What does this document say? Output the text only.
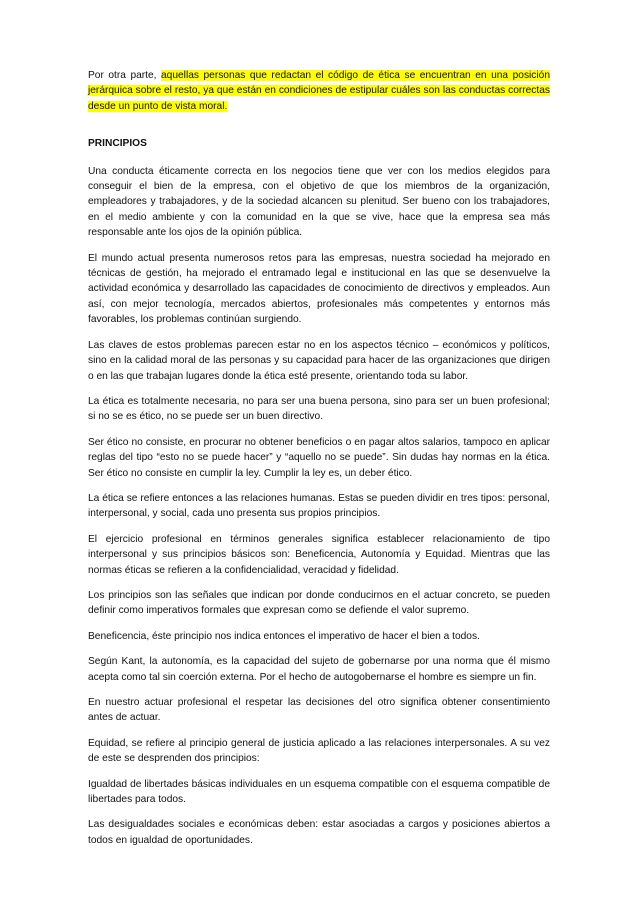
Por otra parte, aquellas personas que redactan el código de ética se encuentran en una posición jerárquica sobre el resto, ya que están en condiciones de estipular cuáles son las conductas correctas desde un punto de vista moral.

PRINCIPIOS

Una conducta éticamente correcta en los negocios tiene que ver con los medios elegidos para conseguir el bien de la empresa, con el objetivo de que los miembros de la organización, empleadores y trabajadores, y de la sociedad alcancen su plenitud. Ser bueno con los trabajadores, en el medio ambiente y con la comunidad en la que se vive, hace que la empresa sea más responsable ante los ojos de la opinión pública.

El mundo actual presenta numerosos retos para las empresas, nuestra sociedad ha mejorado en técnicas de gestión, ha mejorado el entramado legal e institucional en las que se desenvuelve la actividad económica y desarrollado las capacidades de conocimiento de directivos y empleados. Aun así, con mejor tecnología, mercados abiertos, profesionales más competentes y entornos más favorables, los problemas continúan surgiendo.

Las claves de estos problemas parecen estar no en los aspectos técnico – económicos y políticos, sino en la calidad moral de las personas y su capacidad para hacer de las organizaciones que dirigen o en las que trabajan lugares donde la ética esté presente, orientando toda su labor.

La ética es totalmente necesaria, no para ser una buena persona, sino para ser un buen profesional; si no se es ético, no se puede ser un buen directivo.

Ser ético no consiste, en procurar no obtener beneficios o en pagar altos salarios, tampoco en aplicar reglas del tipo “esto no se puede hacer” y “aquello no se puede”. Sin dudas hay normas en la ética. Ser ético no consiste en cumplir la ley. Cumplir la ley es, un deber ético.

La ética se refiere entonces a las relaciones humanas. Estas se pueden dividir en tres tipos: personal, interpersonal, y social, cada uno presenta sus propios principios.

El ejercicio profesional en términos generales significa establecer relacionamiento de tipo interpersonal y sus principios básicos son: Beneficencia, Autonomía y Equidad. Mientras que las normas éticas se refieren a la confidencialidad, veracidad y fidelidad.

Los principios son las señales que indican por donde conducirnos en el actuar concreto, se pueden definir como imperativos formales que expresan como se defiende el valor supremo.

Beneficencia, éste principio nos indica entonces el imperativo de hacer el bien a todos.

Según Kant, la autonomía, es la capacidad del sujeto de gobernarse por una norma que él mismo acepta como tal sin coerción externa. Por el hecho de autogobernarse el hombre es siempre un fin.

En nuestro actuar profesional el respetar las decisiones del otro significa obtener consentimiento antes de actuar.

Equidad, se refiere al principio general de justicia aplicado a las relaciones interpersonales. A su vez de este se desprenden dos principios:

Igualdad de libertades básicas individuales en un esquema compatible con el esquema compatible de libertades para todos.

Las desigualdades sociales e económicas deben: estar asociadas a cargos y posiciones abiertos a todos en igualdad de oportunidades.
